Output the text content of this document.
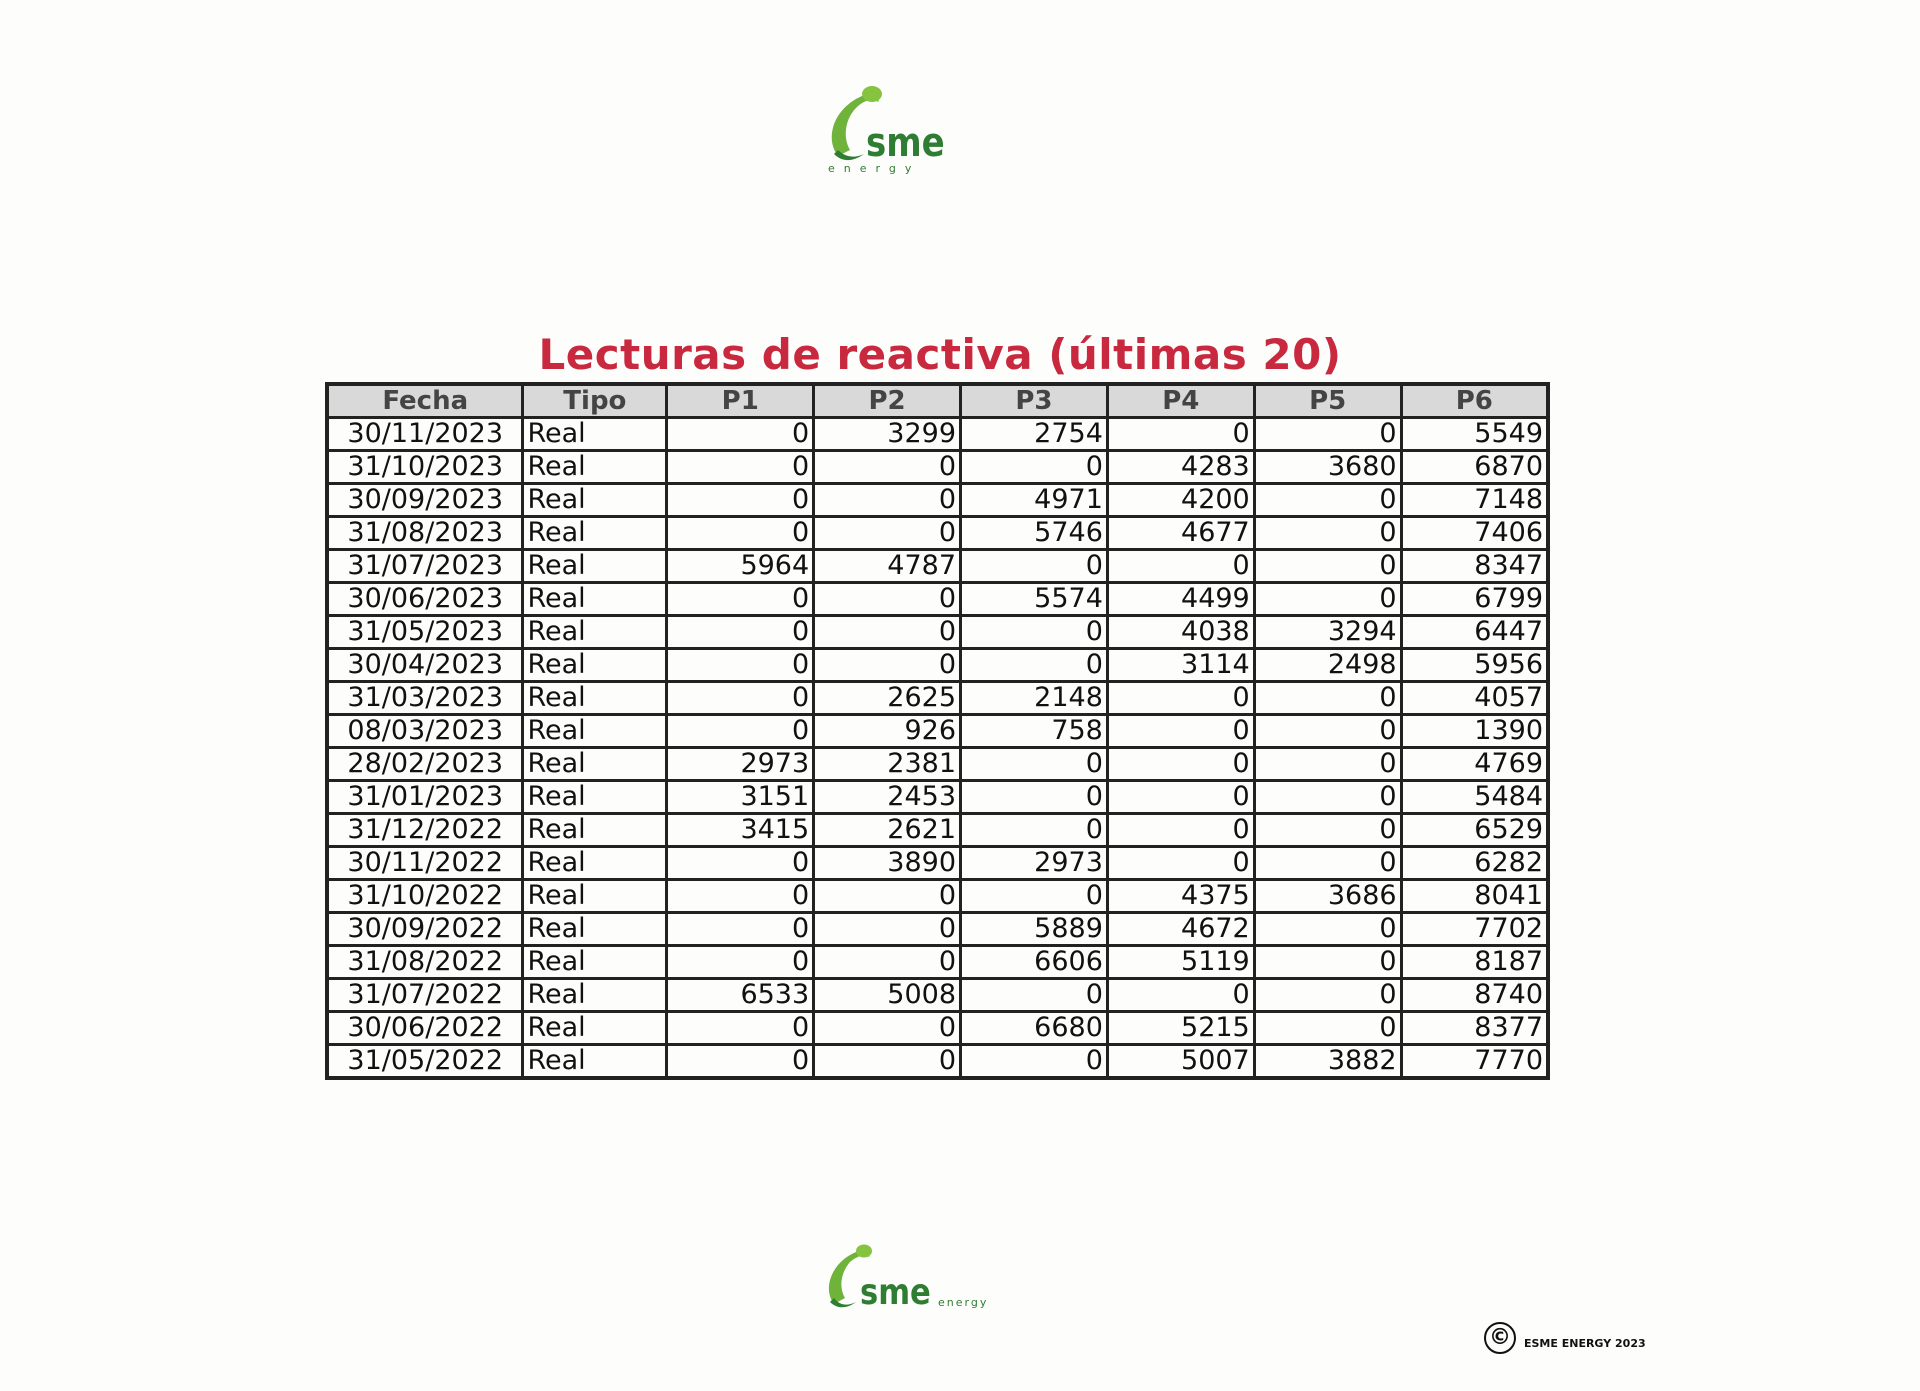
sme
energy
Lecturas de reactiva (últimas 20)
Fecha	Tipo	P1	P2	P3	P4	P5	P6
30/11/2023	Real	0	3299	2754	0	0	5549
31/10/2023	Real	0	0	0	4283	3680	6870
30/09/2023	Real	0	0	4971	4200	0	7148
31/08/2023	Real	0	0	5746	4677	0	7406
31/07/2023	Real	5964	4787	0	0	0	8347
30/06/2023	Real	0	0	5574	4499	0	6799
31/05/2023	Real	0	0	0	4038	3294	6447
30/04/2023	Real	0	0	0	3114	2498	5956
31/03/2023	Real	0	2625	2148	0	0	4057
08/03/2023	Real	0	926	758	0	0	1390
28/02/2023	Real	2973	2381	0	0	0	4769
31/01/2023	Real	3151	2453	0	0	0	5484
31/12/2022	Real	3415	2621	0	0	0	6529
30/11/2022	Real	0	3890	2973	0	0	6282
31/10/2022	Real	0	0	0	4375	3686	8041
30/09/2022	Real	0	0	5889	4672	0	7702
31/08/2022	Real	0	0	6606	5119	0	8187
31/07/2022	Real	6533	5008	0	0	0	8740
30/06/2022	Real	0	0	6680	5215	0	8377
31/05/2022	Real	0	0	0	5007	3882	7770
sme energy
©	ESME ENERGY 2023
